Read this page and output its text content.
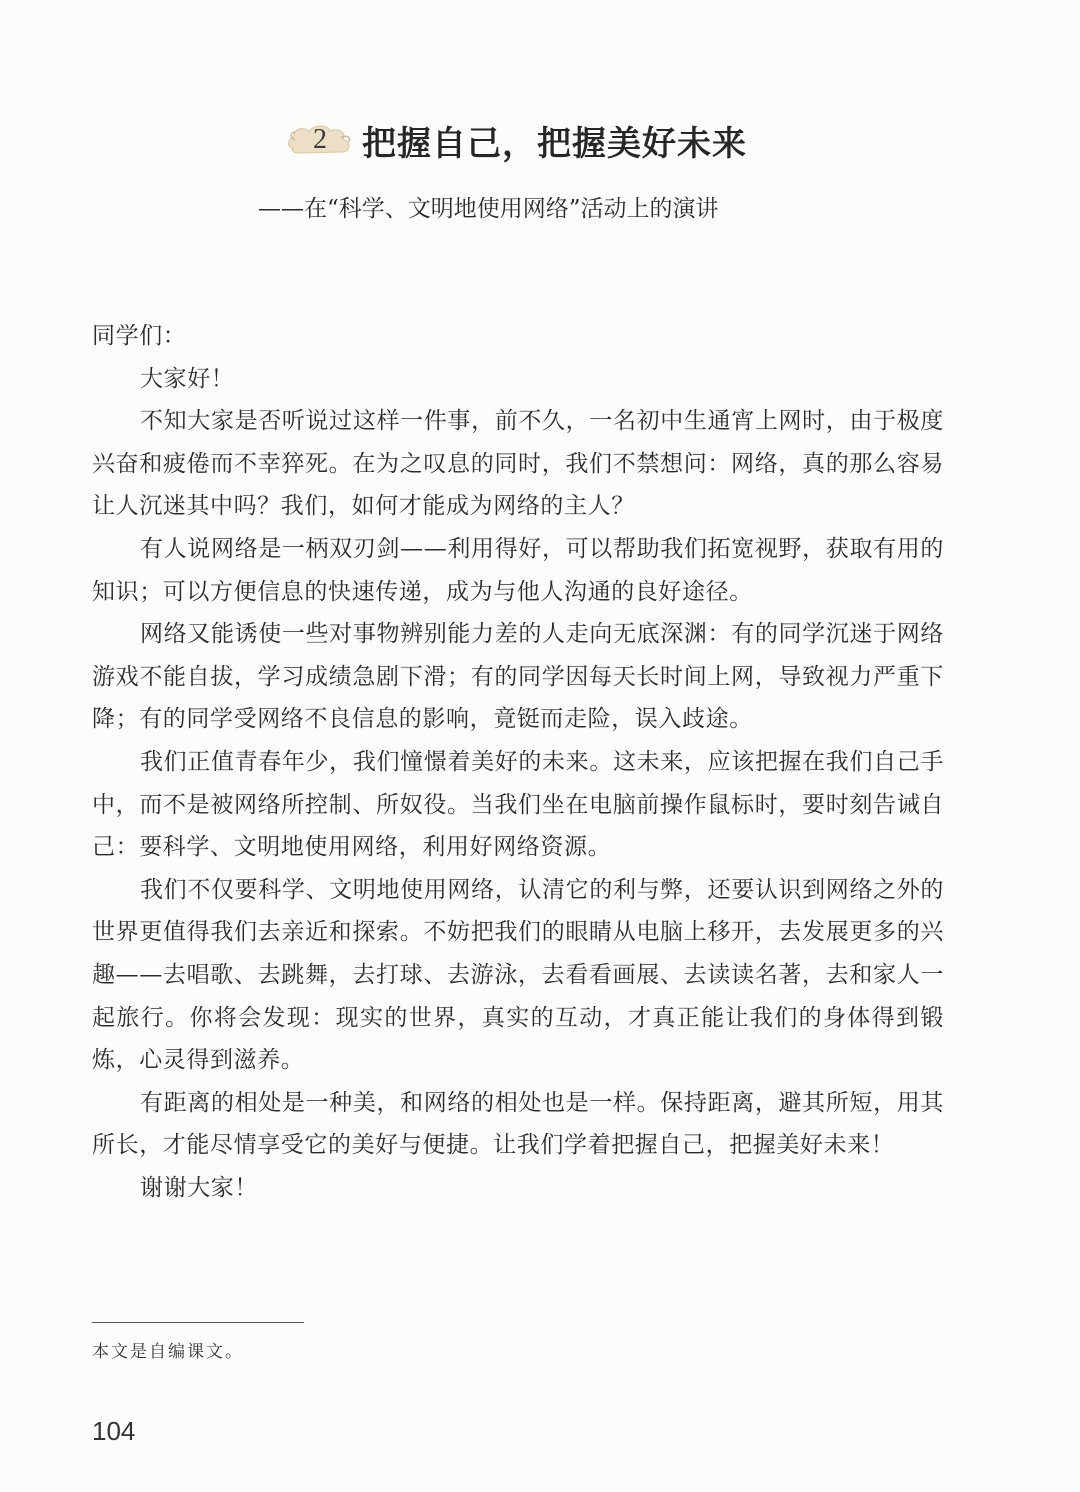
2	把握自己，把握美好未来
——在“科学、文明地使用网络”活动上的演讲

同学们：

大家好！

不知大家是否听说过这样一件事，前不久，一名初中生通宵上网时，由于极度兴奋和疲倦而不幸猝死。在为之叹息的同时，我们不禁想问：网络，真的那么容易让人沉迷其中吗？我们，如何才能成为网络的主人？

有人说网络是一柄双刃剑——利用得好，可以帮助我们拓宽视野，获取有用的知识；可以方便信息的快速传递，成为与他人沟通的良好途径。

网络又能诱使一些对事物辨别能力差的人走向无底深渊：有的同学沉迷于网络游戏不能自拔，学习成绩急剧下滑；有的同学因每天长时间上网，导致视力严重下降；有的同学受网络不良信息的影响，竟铤而走险，误入歧途。

我们正值青春年少，我们憧憬着美好的未来。这未来，应该把握在我们自己手中，而不是被网络所控制、所奴役。当我们坐在电脑前操作鼠标时，要时刻告诫自己：要科学、文明地使用网络，利用好网络资源。

我们不仅要科学、文明地使用网络，认清它的利与弊，还要认识到网络之外的世界更值得我们去亲近和探索。不妨把我们的眼睛从电脑上移开，去发展更多的兴趣——去唱歌、去跳舞，去打球、去游泳，去看看画展、去读读名著，去和家人一起旅行。你将会发现：现实的世界，真实的互动，才真正能让我们的身体得到锻炼，心灵得到滋养。

有距离的相处是一种美，和网络的相处也是一样。保持距离，避其所短，用其所长，才能尽情享受它的美好与便捷。让我们学着把握自己，把握美好未来！

谢谢大家！

本文是自编课文。
104
